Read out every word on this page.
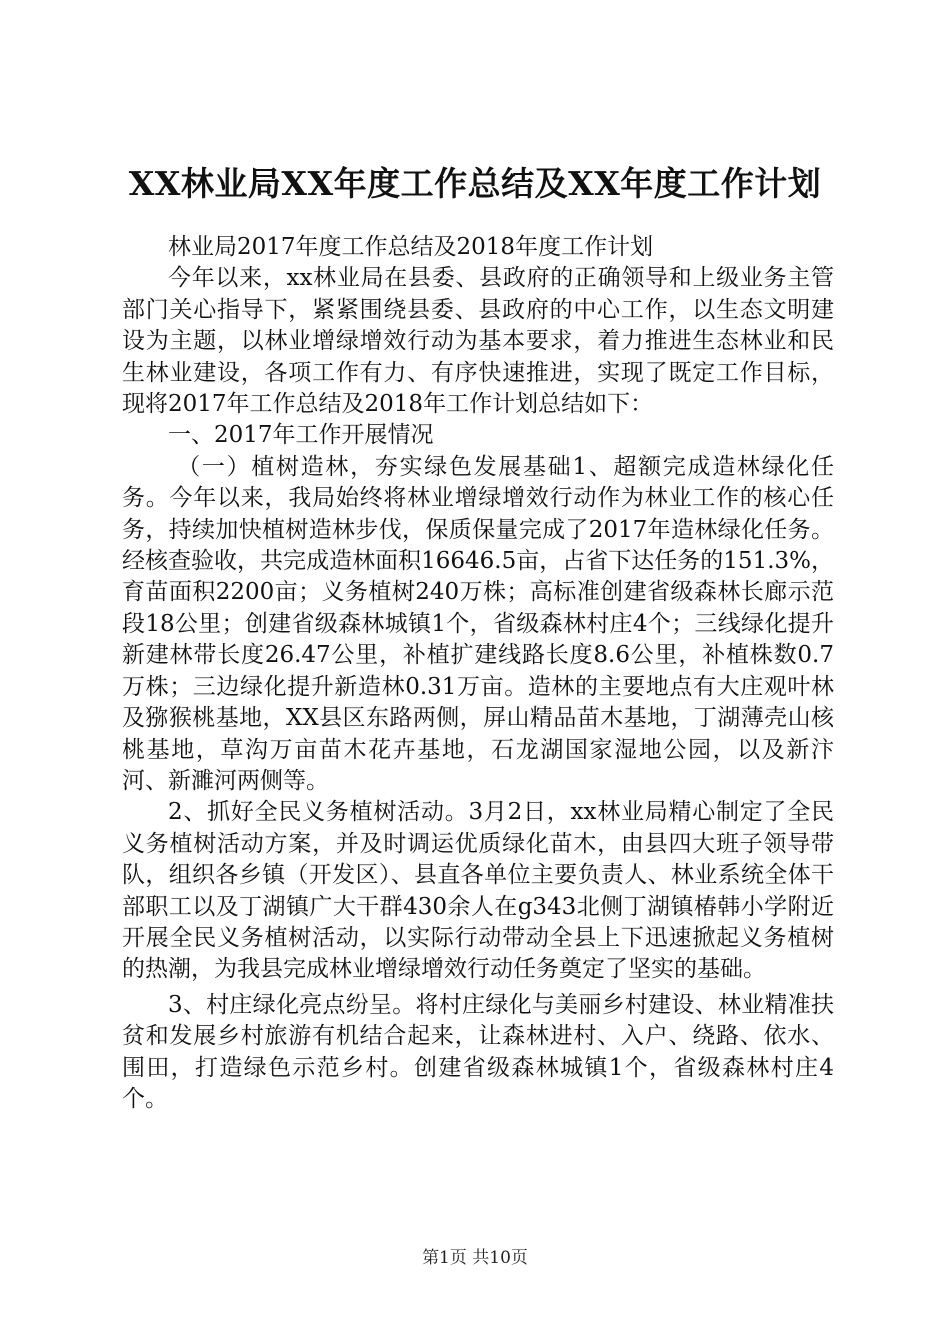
XX林业局XX年度工作总结及XX年度工作计划

林业局2017年度工作总结及2018年度工作计划

今年以来，xx林业局在县委、县政府的正确领导和上级业务主管部门关心指导下，紧紧围绕县委、县政府的中心工作，以生态文明建设为主题，以林业增绿增效行动为基本要求，着力推进生态林业和民生林业建设，各项工作有力、有序快速推进，实现了既定工作目标，现将2017年工作总结及2018年工作计划总结如下：

一、2017年工作开展情况

（一）植树造林，夯实绿色发展基础1、超额完成造林绿化任务。今年以来，我局始终将林业增绿增效行动作为林业工作的核心任务，持续加快植树造林步伐，保质保量完成了2017年造林绿化任务。经核查验收，共完成造林面积16646.5亩，占省下达任务的151.3%，育苗面积2200亩；义务植树240万株；高标准创建省级森林长廊示范段18公里；创建省级森林城镇1个，省级森林村庄4个；三线绿化提升新建林带长度26.47公里，补植扩建线路长度8.6公里，补植株数0.7万株；三边绿化提升新造林0.31万亩。造林的主要地点有大庄观叶林及猕猴桃基地，XX县区东路两侧，屏山精品苗木基地，丁湖薄壳山核桃基地，草沟万亩苗木花卉基地，石龙湖国家湿地公园，以及新汴河、新濉河两侧等。

2、抓好全民义务植树活动。3月2日，xx林业局精心制定了全民义务植树活动方案，并及时调运优质绿化苗木，由县四大班子领导带队，组织各乡镇（开发区）、县直各单位主要负责人、林业系统全体干部职工以及丁湖镇广大干群430余人在g343北侧丁湖镇椿韩小学附近开展全民义务植树活动，以实际行动带动全县上下迅速掀起义务植树的热潮，为我县完成林业增绿增效行动任务奠定了坚实的基础。

3、村庄绿化亮点纷呈。将村庄绿化与美丽乡村建设、林业精准扶贫和发展乡村旅游有机结合起来，让森林进村、入户、绕路、依水、围田，打造绿色示范乡村。创建省级森林城镇1个，省级森林村庄4个。

第1页 共10页
